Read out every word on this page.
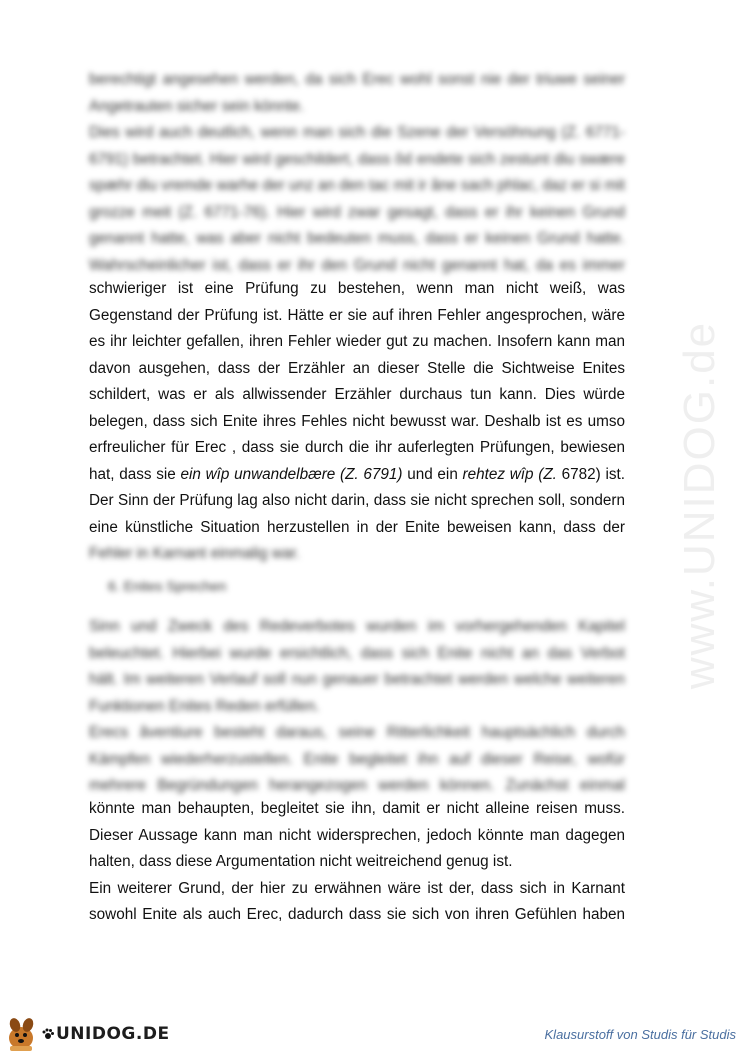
www.UNIDOG.de
berechtigt angesehen werden, da sich Erec wohl sonst nie der triuwe seiner
Angetrauten sicher sein könnte.
Dies wird auch deutlich, wenn man sich die Szene der Versöhnung (Z. 6771-
6791) betrachtet. Hier wird geschildert, dass ôd endete sich zestunt diu swære
spæhr diu vremde warhe der unz an den tac mit ir âne sach phlac, daz er si mit
grozze meit (Z. 6771-76). Hier wird zwar gesagt, dass er ihr keinen Grund
genannt hatte, was aber nicht bedeuten muss, dass er keinen Grund hatte.
Wahrscheinlicher ist, dass er ihr den Grund nicht genannt hat, da es immer
schwieriger ist eine Prüfung zu bestehen, wenn man nicht weiß, was
Gegenstand der Prüfung ist. Hätte er sie auf ihren Fehler angesprochen, wäre
es ihr leichter gefallen, ihren Fehler wieder gut zu machen. Insofern kann man
davon ausgehen, dass der Erzähler an dieser Stelle die Sichtweise Enites
schildert, was er als allwissender Erzähler durchaus tun kann. Dies würde
belegen, dass sich Enite ihres Fehles nicht bewusst war. Deshalb ist es umso
erfreulicher für Erec , dass sie durch die ihr auferlegten Prüfungen, bewiesen
hat, dass sie ein wîp unwandelbære (Z. 6791) und ein rehtez wîp (Z. 6782) ist.
Der Sinn der Prüfung lag also nicht darin, dass sie nicht sprechen soll, sondern
eine künstliche Situation herzustellen in der Enite beweisen kann, dass der
Fehler in Karnant einmalig war.
6. Enites Sprechen
Sinn und Zweck des Redeverbotes wurden im vorhergehenden Kapitel
beleuchtet. Hierbei wurde ersichtlich, dass sich Enite nicht an das Verbot
hält. Im weiteren Verlauf soll nun genauer betrachtet werden welche weiteren
Funktionen Enites Reden erfüllen.
Erecs âventiure besteht daraus, seine Ritterlichkeit hauptsächlich durch
Kämpfen wiederherzustellen. Enite begleitet ihn auf dieser Reise, wofür
mehrere Begründungen herangezogen werden können. Zunächst einmal
könnte man behaupten, begleitet sie ihn, damit er nicht alleine reisen muss.
Dieser Aussage kann man nicht widersprechen, jedoch könnte man dagegen
halten, dass diese Argumentation nicht weitreichend genug ist.
Ein weiterer Grund, der hier zu erwähnen wäre ist der, dass sich in Karnant
sowohl Enite als auch Erec, dadurch dass sie sich von ihren Gefühlen haben
UNIDOG.DE	Klausurstoff von Studis für Studis
